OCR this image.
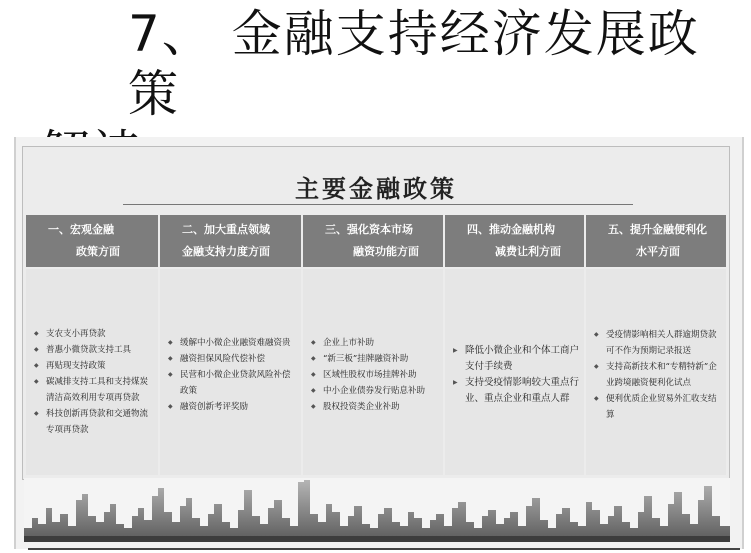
7、 金融支持经济发展政策
主要金融政策
一、宏观金融
政策方面
◆ 支农支小再贷款
◆ 普惠小微贷款支持工具
◆ 再贴现支持政策
◆ 碳减排支持工具和支持煤炭清洁高效利用专项再贷款
◆ 科技创新再贷款和交通物流专项再贷款
二、加大重点领域
金融支持力度方面
◆ 缓解中小微企业融资难融资贵
◆ 融资担保风险代偿补偿
◆ 民营和小微企业贷款风险补偿政策
◆ 融资创新考评奖励
三、强化资本市场
融资功能方面
◆ 企业上市补助
◆ “新三板”挂牌融资补助
◆ 区域性股权市场挂牌补助
◆ 中小企业债券发行贴息补助
◆ 股权投资类企业补助
四、推动金融机构
减费让利方面
▶ 降低小微企业和个体工商户支付手续费
▶ 支持受疫情影响较大重点行业、重点企业和重点人群
五、提升金融便利化
水平方面
◆ 受疫情影响相关人群逾期贷款可不作为预期记录报送
◆ 支持高新技术和“专精特新”企业跨境融资便利化试点
◆ 便利优质企业贸易外汇收支结算
